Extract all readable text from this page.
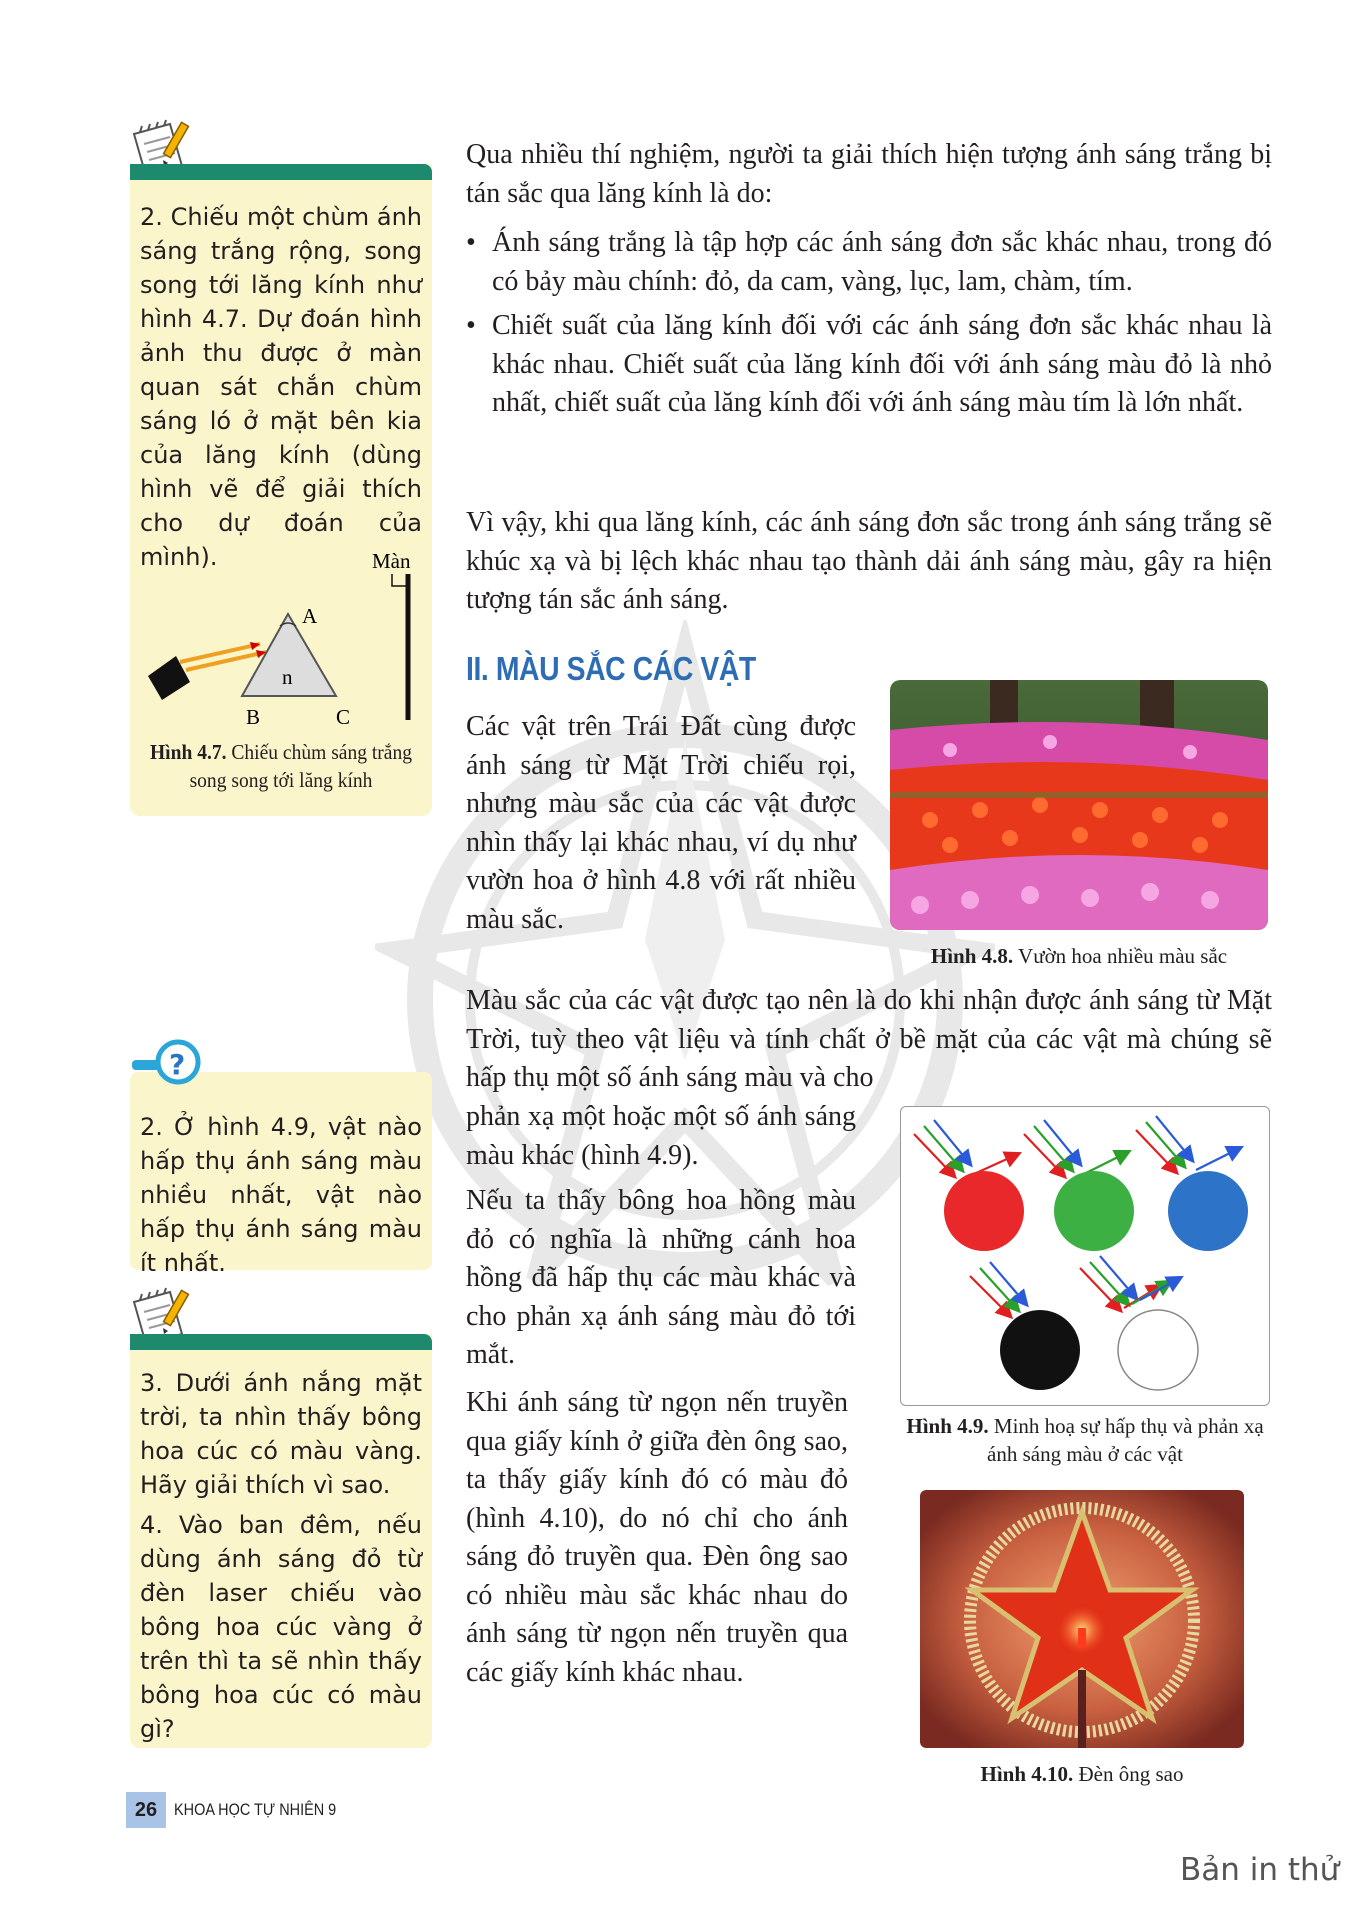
2. Chiếu một chùm ánh sáng trắng rộng, song song tới lăng kính như hình 4.7. Dự đoán hình ảnh thu được ở màn quan sát chắn chùm sáng ló ở mặt bên kia của lăng kính (dùng hình vẽ để giải thích cho dự đoán của mình).
A
B	C
n
Màn
Hình 4.7. Chiếu chùm sáng trắng song song tới lăng kính
?
2. Ở hình 4.9, vật nào hấp thụ ánh sáng màu nhiều nhất, vật nào hấp thụ ánh sáng màu ít nhất.
3. Dưới ánh nắng mặt trời, ta nhìn thấy bông hoa cúc có màu vàng. Hãy giải thích vì sao.
4. Vào ban đêm, nếu dùng ánh sáng đỏ từ đèn laser chiếu vào bông hoa cúc vàng ở trên thì ta sẽ nhìn thấy bông hoa cúc có màu gì?
Qua nhiều thí nghiệm, người ta giải thích hiện tượng ánh sáng trắng bị tán sắc qua lăng kính là do:
• Ánh sáng trắng là tập hợp các ánh sáng đơn sắc khác nhau, trong đó có bảy màu chính: đỏ, da cam, vàng, lục, lam, chàm, tím.
• Chiết suất của lăng kính đối với các ánh sáng đơn sắc khác nhau là khác nhau. Chiết suất của lăng kính đối với ánh sáng màu đỏ là nhỏ nhất, chiết suất của lăng kính đối với ánh sáng màu tím là lớn nhất.
Vì vậy, khi qua lăng kính, các ánh sáng đơn sắc trong ánh sáng trắng sẽ khúc xạ và bị lệch khác nhau tạo thành dải ánh sáng màu, gây ra hiện tượng tán sắc ánh sáng.
II. MÀU SẮC CÁC VẬT
Các vật trên Trái Đất cùng được ánh sáng từ Mặt Trời chiếu rọi, nhưng màu sắc của các vật được nhìn thấy lại khác nhau, ví dụ như vườn hoa ở hình 4.8 với rất nhiều màu sắc.
Hình 4.8. Vườn hoa nhiều màu sắc
Màu sắc của các vật được tạo nên là do khi nhận được ánh sáng từ Mặt Trời, tuỳ theo vật liệu và tính chất ở bề mặt của các vật mà chúng sẽ hấp thụ một số ánh sáng màu và cho
phản xạ một hoặc một số ánh sáng màu khác (hình 4.9).
Nếu ta thấy bông hoa hồng màu đỏ có nghĩa là những cánh hoa hồng đã hấp thụ các màu khác và cho phản xạ ánh sáng màu đỏ tới mắt.
Khi ánh sáng từ ngọn nến truyền qua giấy kính ở giữa đèn ông sao, ta thấy giấy kính đó có màu đỏ (hình 4.10), do nó chỉ cho ánh sáng đỏ truyền qua. Đèn ông sao có nhiều màu sắc khác nhau do ánh sáng từ ngọn nến truyền qua các giấy kính khác nhau.
Hình 4.9. Minh hoạ sự hấp thụ và phản xạ ánh sáng màu ở các vật
Hình 4.10. Đèn ông sao
26 KHOA HỌC TỰ NHIÊN 9
Bản in thử
